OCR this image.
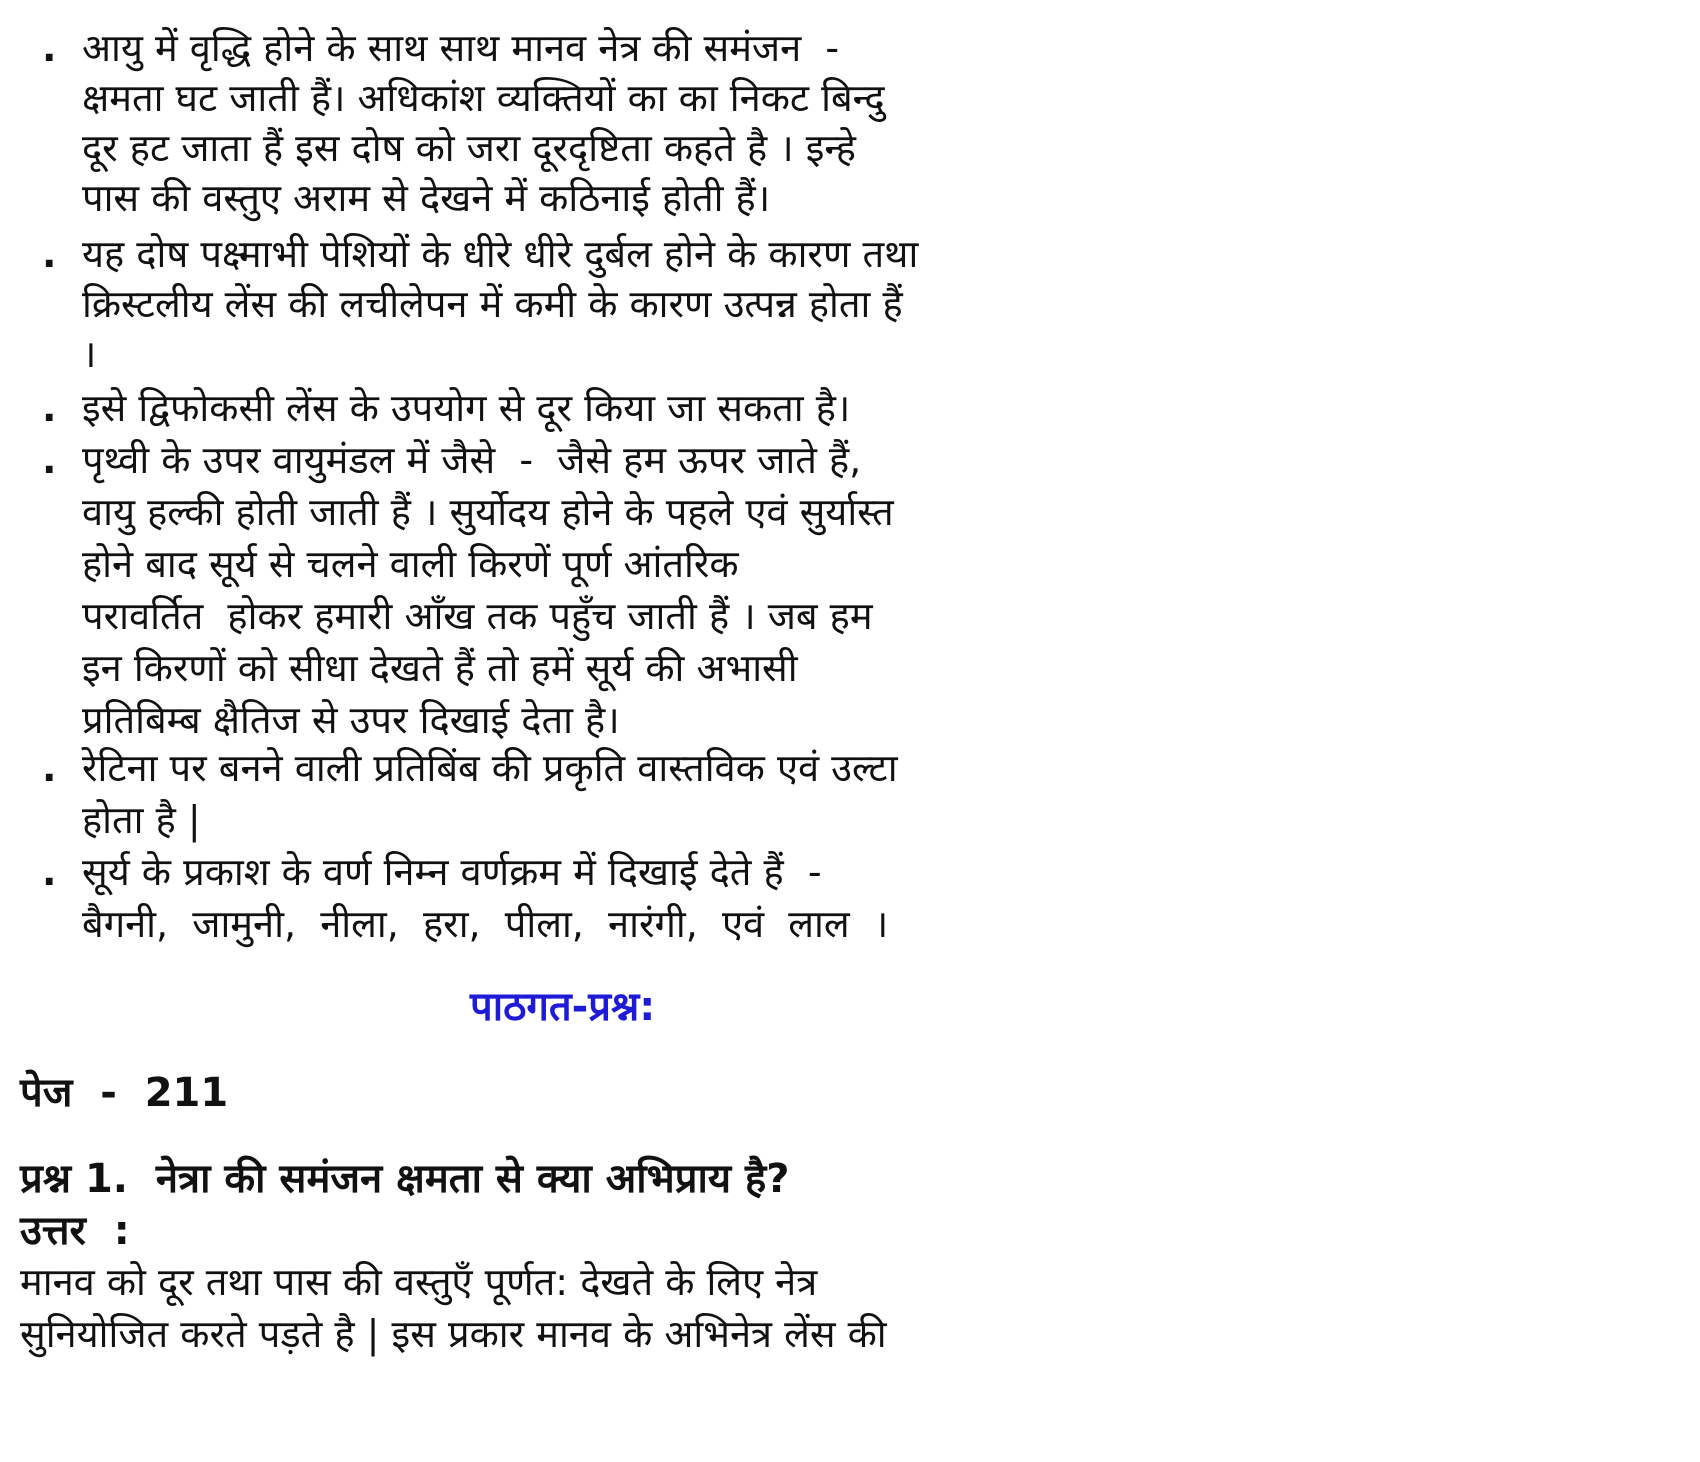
. आयु में वृद्धि होने के साथ साथ मानव नेत्र की समंजन  -
क्षमता घट जाती हैं। अधिकांश व्यक्तियों का का निकट बिन्दु
दूर हट जाता हैं इस दोष को जरा दूरदृष्टिता कहते है । इन्हे
पास की वस्तुए अराम से देखने में कठिनाई होती हैं।
. यह दोष पक्ष्माभी पेशियों के धीरे धीरे दुर्बल होने के कारण तथा
क्रिस्टलीय लेंस की लचीलेपन में कमी के कारण उत्पन्न होता हैं
।
. इसे द्विफोकसी लेंस के उपयोग से दूर किया जा सकता है।
. पृथ्वी के उपर वायुमंडल में जैसे  -  जैसे हम ऊपर जाते हैं,
वायु हल्की होती जाती हैं । सुर्योदय होने के पहले एवं सुर्यास्त
होने बाद सूर्य से चलने वाली किरणें पूर्ण आंतरिक
परावर्तित  होकर हमारी आँख तक पहुँच जाती हैं । जब हम
इन किरणों को सीधा देखते हैं तो हमें सूर्य की अभासी
प्रतिबिम्ब क्षैतिज से उपर दिखाई देता है।
. रेटिना पर बनने वाली प्रतिबिंब की प्रकृति वास्तविक एवं उल्टा
होता है |
. सूर्य के प्रकाश के वर्ण निम्न वर्णक्रम में दिखाई देते हैं  -
बैगनी,  जामुनी,  नीला,  हरा,  पीला,  नारंगी,  एवं  लाल  ।
पाठगत-प्रश्न:
पेज  -  211
प्रश्न 1.  नेत्रा की समंजन क्षमता से क्या अभिप्राय है?
उत्तर  :
मानव को दूर तथा पास की वस्तुएँ पूर्णत: देखते के लिए नेत्र
सुनियोजित करते पड़ते है | इस प्रकार मानव के अभिनेत्र लेंस की
